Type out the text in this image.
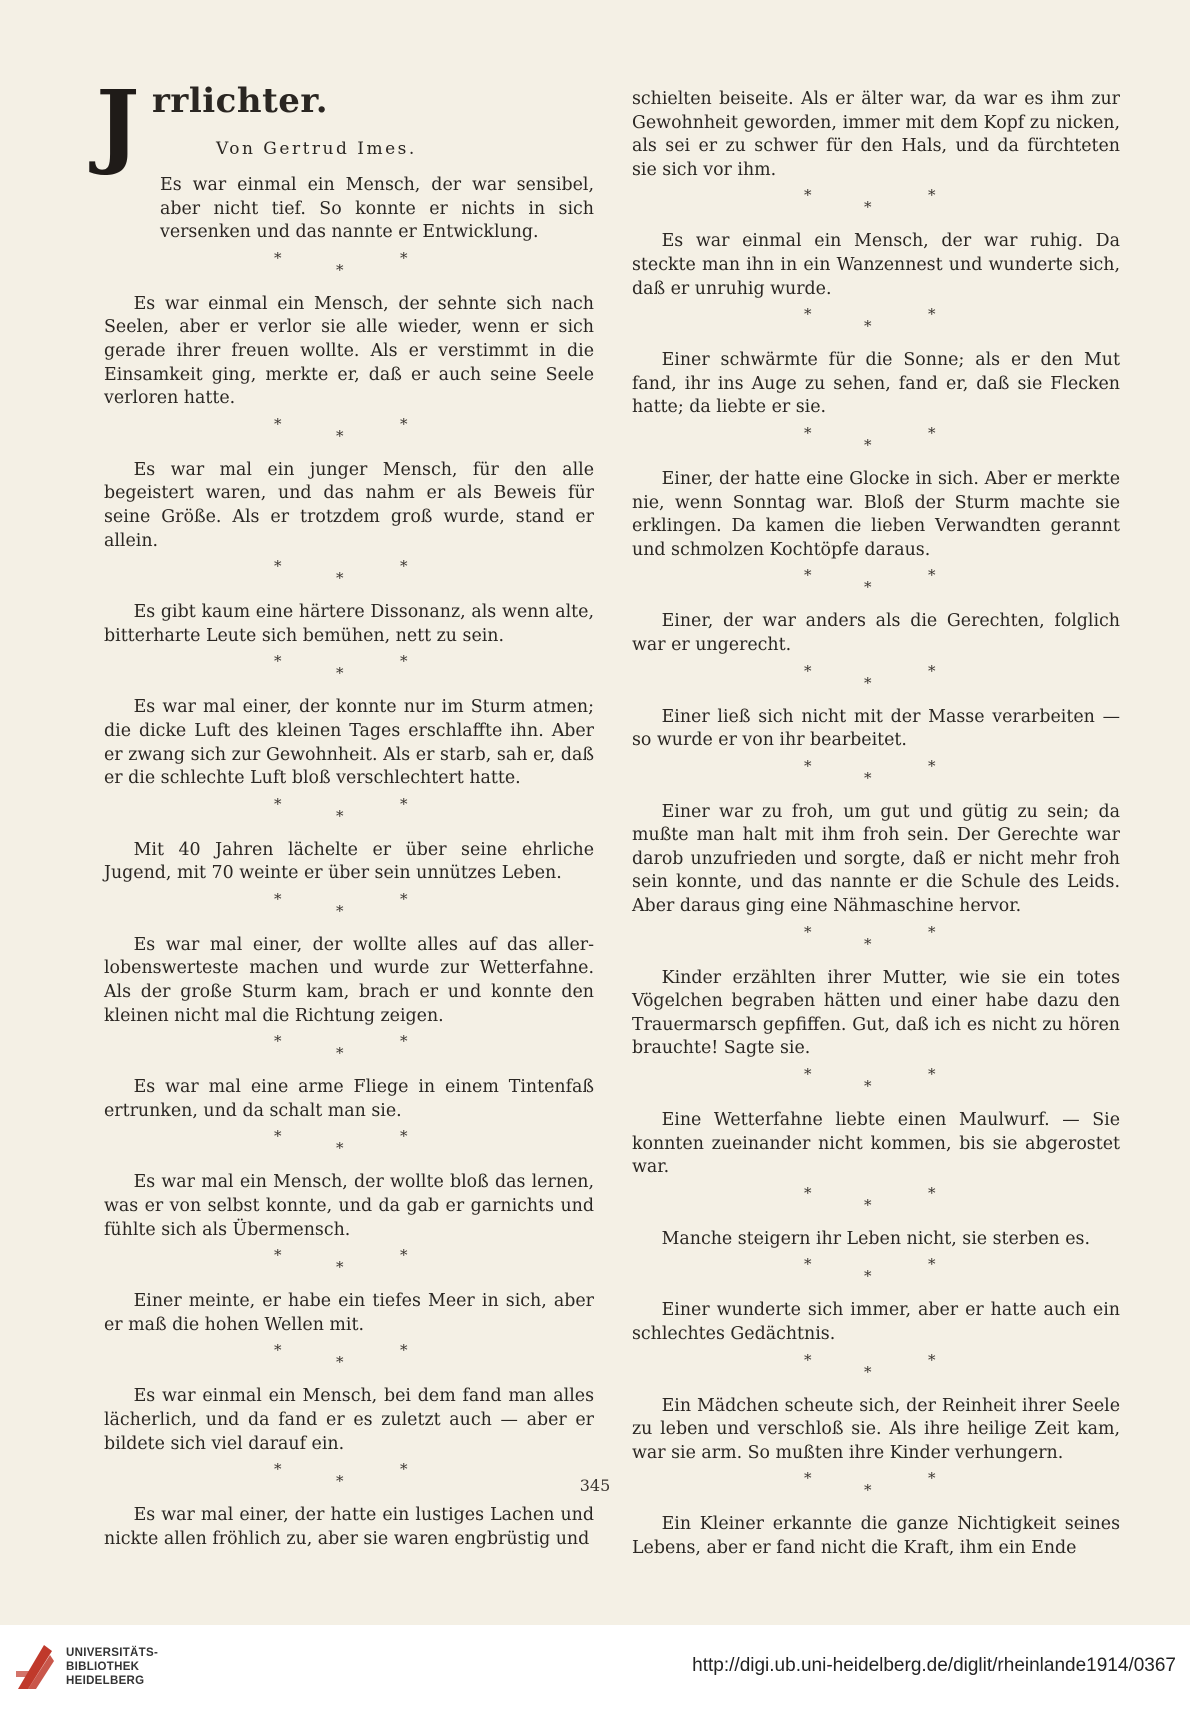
J rrlichter.
Von Gertrud Imes.

Es war einmal ein Mensch, der war sensibel, aber nicht tief. So konnte er nichts in sich versenken und das nannte er Entwicklung.

*
*
*

Es war einmal ein Mensch, der sehnte sich nach Seelen, aber er verlor sie alle wieder, wenn er sich gerade ihrer freuen wollte. Als er verstimmt in die Einsamkeit ging, merkte er, daß er auch seine Seele verloren hatte.

*
*
*

Es war mal ein junger Mensch, für den alle begeistert waren, und das nahm er als Beweis für seine Größe. Als er trotzdem groß wurde, stand er allein.

*
*
*

Es gibt kaum eine härtere Dissonanz, als wenn alte, bitterharte Leute sich bemühen, nett zu sein.

*
*
*

Es war mal einer, der konnte nur im Sturm atmen; die dicke Luft des kleinen Tages erschlaffte ihn. Aber er zwang sich zur Gewohnheit. Als er starb, sah er, daß er die schlechte Luft bloß verschlechtert hatte.

*
*
*

Mit 40 Jahren lächelte er über seine ehrliche Jugend, mit 70 weinte er über sein unnützes Leben.

*
*
*

Es war mal einer, der wollte alles auf das allerlobenswerteste machen und wurde zur Wetterfahne. Als der große Sturm kam, brach er und konnte den kleinen nicht mal die Richtung zeigen.

*
*
*

Es war mal eine arme Fliege in einem Tintenfaß ertrunken, und da schalt man sie.

*
*
*

Es war mal ein Mensch, der wollte bloß das lernen, was er von selbst konnte, und da gab er garnichts und fühlte sich als Übermensch.

*
*
*

Einer meinte, er habe ein tiefes Meer in sich, aber er maß die hohen Wellen mit.

*
*
*

Es war einmal ein Mensch, bei dem fand man alles lächerlich, und da fand er es zuletzt auch — aber er bildete sich viel darauf ein.

*
*
*

Es war mal einer, der hatte ein lustiges Lachen und nickte allen fröhlich zu, aber sie waren engbrüstig und

schielten beiseite. Als er älter war, da war es ihm zur Gewohnheit geworden, immer mit dem Kopf zu nicken, als sei er zu schwer für den Hals, und da fürchteten sie sich vor ihm.

*
*
*

Es war einmal ein Mensch, der war ruhig. Da steckte man ihn in ein Wanzennest und wunderte sich, daß er unruhig wurde.

*
*
*

Einer schwärmte für die Sonne; als er den Mut fand, ihr ins Auge zu sehen, fand er, daß sie Flecken hatte; da liebte er sie.

*
*
*

Einer, der hatte eine Glocke in sich. Aber er merkte nie, wenn Sonntag war. Bloß der Sturm machte sie erklingen. Da kamen die lieben Verwandten gerannt und schmolzen Kochtöpfe daraus.

*
*
*

Einer, der war anders als die Gerechten, folglich war er ungerecht.

*
*
*

Einer ließ sich nicht mit der Masse verarbeiten — so wurde er von ihr bearbeitet.

*
*
*

Einer war zu froh, um gut und gütig zu sein; da mußte man halt mit ihm froh sein. Der Gerechte war darob unzufrieden und sorgte, daß er nicht mehr froh sein konnte, und das nannte er die Schule des Leids. Aber daraus ging eine Nähmaschine hervor.

*
*
*

Kinder erzählten ihrer Mutter, wie sie ein totes Vögelchen begraben hätten und einer habe dazu den Trauermarsch gepfiffen. Gut, daß ich es nicht zu hören brauchte! Sagte sie.

*
*
*

Eine Wetterfahne liebte einen Maulwurf. — Sie konnten zueinander nicht kommen, bis sie abgerostet war.

*
*
*

Manche steigern ihr Leben nicht, sie sterben es.

*
*
*

Einer wunderte sich immer, aber er hatte auch ein schlechtes Gedächtnis.

*
*
*

Ein Mädchen scheute sich, der Reinheit ihrer Seele zu leben und verschloß sie. Als ihre heilige Zeit kam, war sie arm. So mußten ihre Kinder verhungern.

*
*
*

Ein Kleiner erkannte die ganze Nichtigkeit seines Lebens, aber er fand nicht die Kraft, ihm ein Ende

345
UNIVERSITÄTS-
BIBLIOTHEK
HEIDELBERG
http://digi.ub.uni-heidelberg.de/diglit/rheinlande1914/0367
